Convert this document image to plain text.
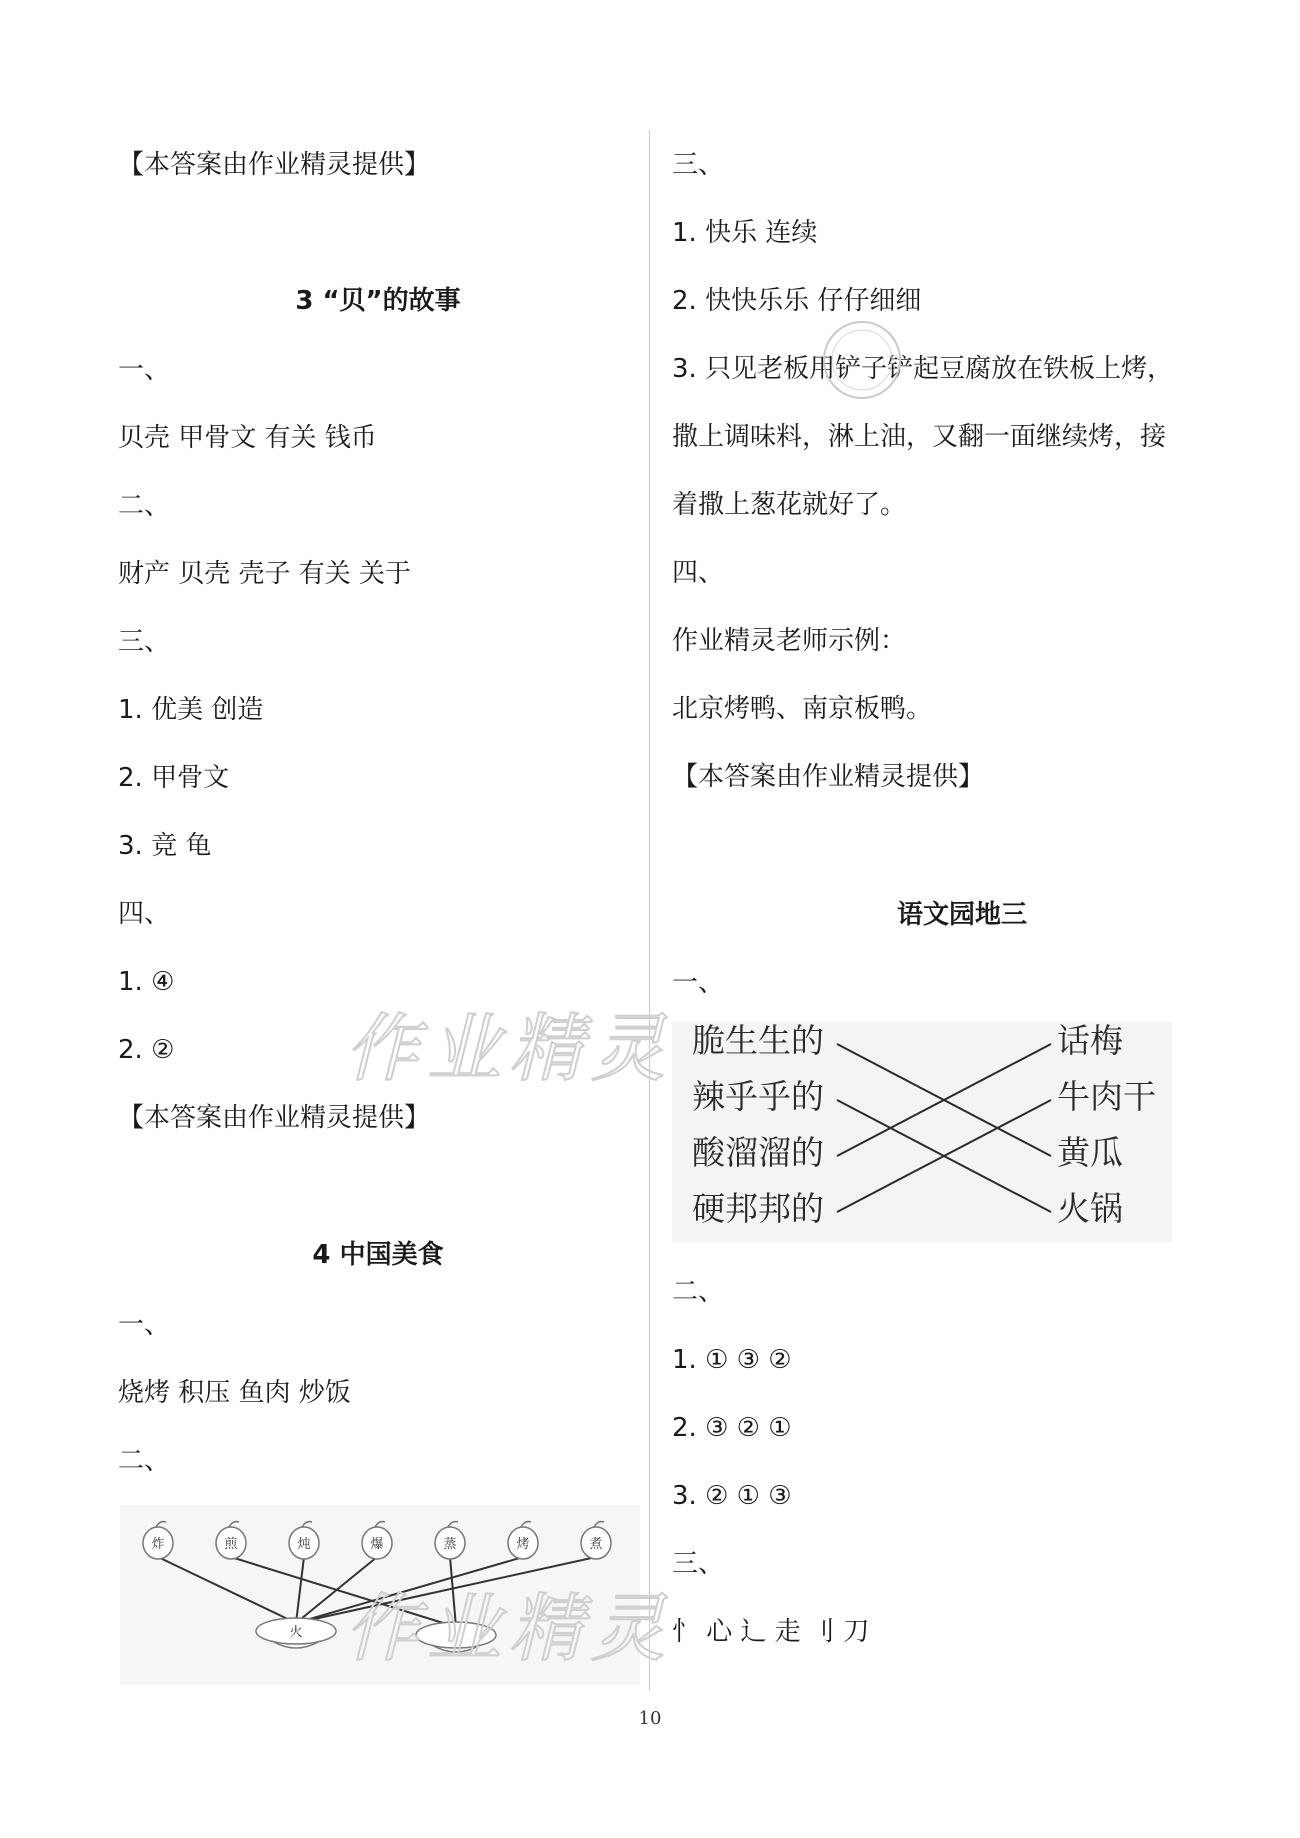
【本答案由作业精灵提供】
3 “贝”的故事
一、
贝壳 甲骨文 有关 钱币
二、
财产 贝壳 壳子 有关 关于
三、
1. 优美 创造
2. 甲骨文
3. 竞 龟
四、
1. ④
2. ②
【本答案由作业精灵提供】
4 中国美食
一、
烧烤 积压 鱼肉 炒饭
二、
炸	煎	炖	爆	蒸	烤	煮
火
三、
1. 快乐 连续
2. 快快乐乐 仔仔细细
3. 只见老板用铲子铲起豆腐放在铁板上烤，
撒上调味料，淋上油，又翻一面继续烤，接
着撒上葱花就好了。
四、
作业精灵老师示例：
北京烤鸭、南京板鸭。
【本答案由作业精灵提供】
语文园地三
一、
脆生生的
辣乎乎的
酸溜溜的
硬邦邦的
话梅
牛肉干
黄瓜
火锅
二、
1. ① ③ ②
2. ③ ② ①
3. ② ① ③
三、
忄 心 辶 走 刂 刀
作业精灵
10
